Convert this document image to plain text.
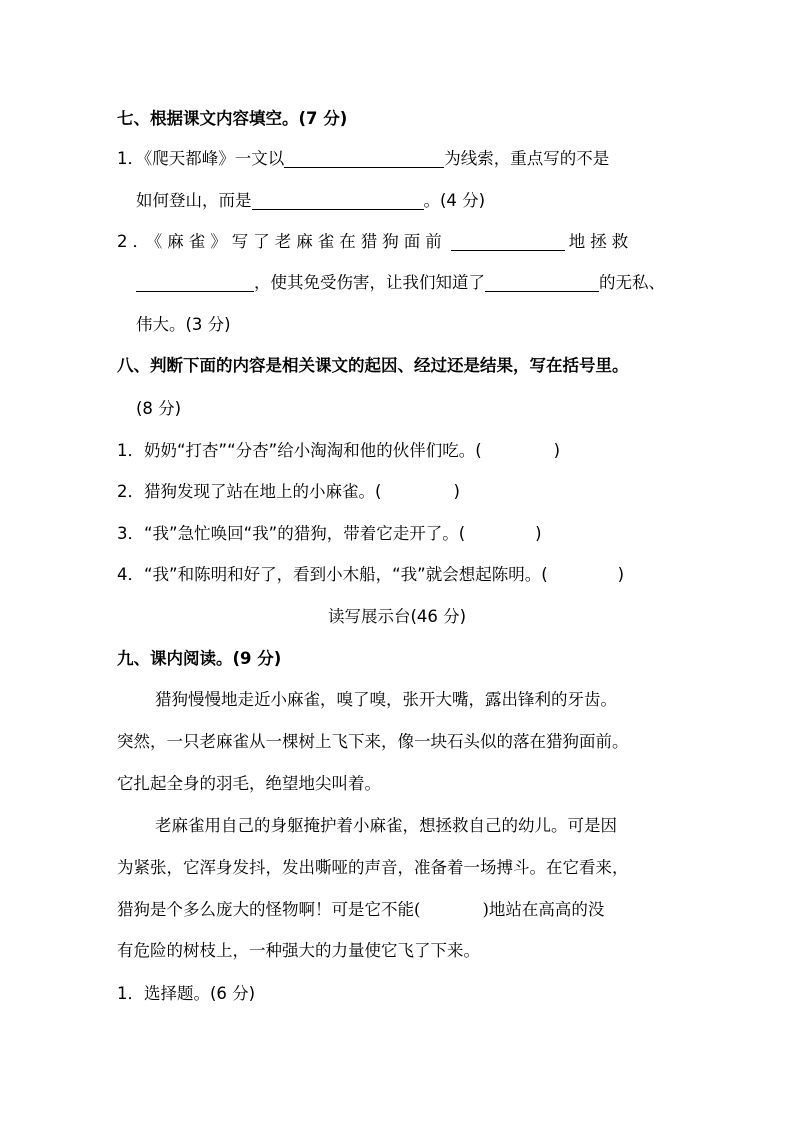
七、根据课文内容填空。(7 分)
1．《爬天都峰》一文以	为线索，重点写的不是
如何登山，而是	。(4 分)
2．《麻雀》写了老麻雀在猎狗面前	地拯救
，使其免受伤害，让我们知道了	的无私、
伟大。(3 分)
八、判断下面的内容是相关课文的起因、经过还是结果，写在括号里。
(8 分)
1．奶奶“打杏”“分杏”给小淘淘和他的伙伴们吃。(	)
2．猎狗发现了站在地上的小麻雀。(	)
3．“我”急忙唤回“我”的猎狗，带着它走开了。(	)
4．“我”和陈明和好了，看到小木船，“我”就会想起陈明。(	)
读写展示台(46 分)
九、课内阅读。(9 分)
猎狗慢慢地走近小麻雀，嗅了嗅，张开大嘴，露出锋利的牙齿。
突然，一只老麻雀从一棵树上飞下来，像一块石头似的落在猎狗面前。
它扎起全身的羽毛，绝望地尖叫着。
老麻雀用自己的身躯掩护着小麻雀，想拯救自己的幼儿。可是因
为紧张，它浑身发抖，发出嘶哑的声音，准备着一场搏斗。在它看来，
猎狗是个多么庞大的怪物啊！可是它不能(	)地站在高高的没
有危险的树枝上，一种强大的力量使它飞了下来。
1．选择题。(6 分)
